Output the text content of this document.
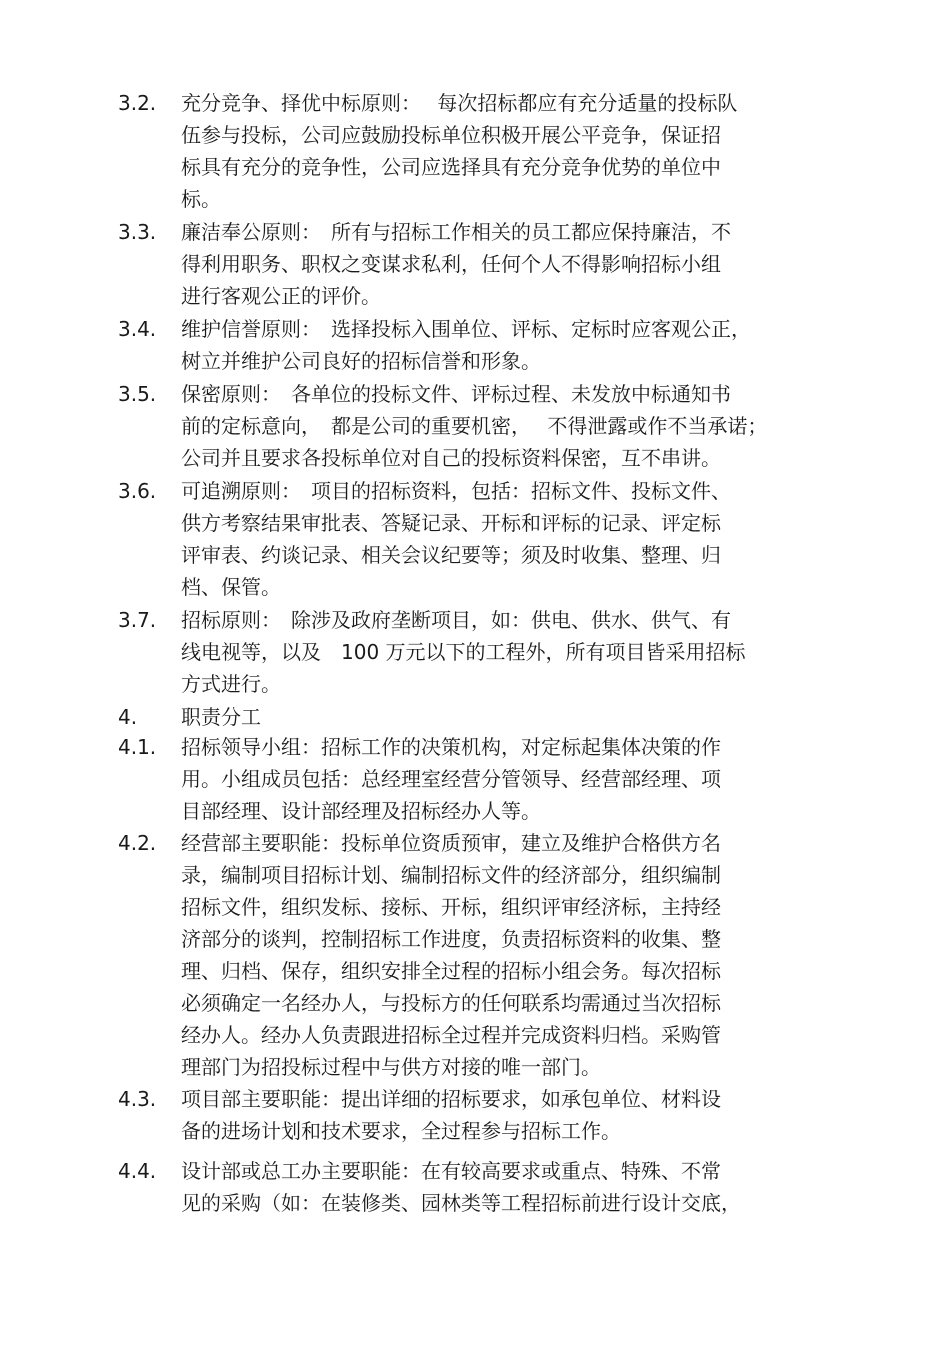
3.2. 充分竞争、择优中标原则：　 每次招标都应有充分适量的投标队
伍参与投标，公司应鼓励投标单位积极开展公平竞争，保证招
标具有充分的竞争性，公司应选择具有充分竞争优势的单位中
标。
3.3. 廉洁奉公原则：　所有与招标工作相关的员工都应保持廉洁，不
得利用职务、职权之变谋求私利，任何个人不得影响招标小组
进行客观公正的评价。
3.4. 维护信誉原则：　选择投标入围单位、评标、定标时应客观公正，
树立并维护公司良好的招标信誉和形象。
3.5. 保密原则：　各单位的投标文件、评标过程、未发放中标通知书
前的定标意向，　都是公司的重要机密，　 不得泄露或作不当承诺；
公司并且要求各投标单位对自己的投标资料保密，互不串讲。
3.6. 可追溯原则：　项目的招标资料，包括：招标文件、投标文件、
供方考察结果审批表、答疑记录、开标和评标的记录、评定标
评审表、约谈记录、相关会议纪要等；须及时收集、整理、归
档、保管。
3.7. 招标原则：　除涉及政府垄断项目，如：供电、供水、供气、有
线电视等，以及　100 万元以下的工程外，所有项目皆采用招标
方式进行。
4. 职责分工
4.1. 招标领导小组：招标工作的决策机构，对定标起集体决策的作
用。小组成员包括：总经理室经营分管领导、经营部经理、项
目部经理、设计部经理及招标经办人等。
4.2. 经营部主要职能：投标单位资质预审，建立及维护合格供方名
录，编制项目招标计划、编制招标文件的经济部分，组织编制
招标文件，组织发标、接标、开标，组织评审经济标，主持经
济部分的谈判，控制招标工作进度，负责招标资料的收集、整
理、归档、保存，组织安排全过程的招标小组会务。每次招标
必须确定一名经办人，与投标方的任何联系均需通过当次招标
经办人。经办人负责跟进招标全过程并完成资料归档。采购管
理部门为招投标过程中与供方对接的唯一部门。
4.3. 项目部主要职能：提出详细的招标要求，如承包单位、材料设
备的进场计划和技术要求，全过程参与招标工作。
4.4. 设计部或总工办主要职能：在有较高要求或重点、特殊、不常
见的采购（如：在装修类、园林类等工程招标前进行设计交底，
